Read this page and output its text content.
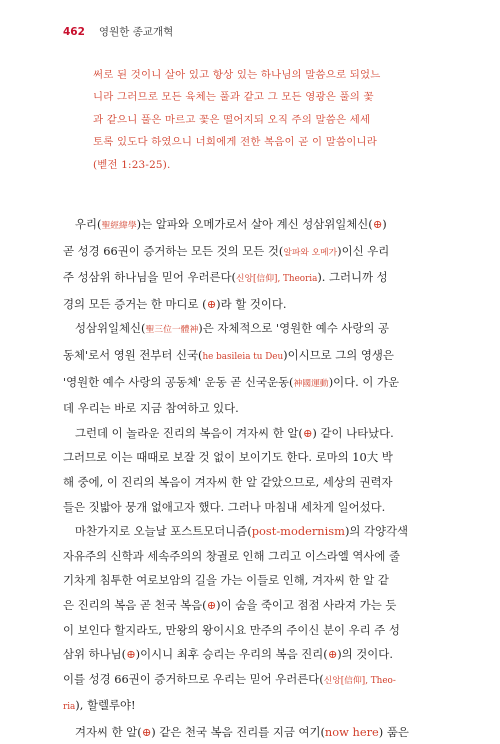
462 영원한 종교개혁
써로 된 것이니 살아 있고 항상 있는 하나님의 말씀으로 되었느
니라 그러므로 모든 육체는 풀과 같고 그 모든 영광은 풀의 꽃
과 같으니 풀은 마르고 꽃은 떨어지되 오직 주의 말씀은 세세
토록 있도다 하였으니 너희에게 전한 복음이 곧 이 말씀이니라
(벧전 1:23-25).
우리(聖經緯學)는 알파와 오메가로서 살아 계신 성삼위일체신(⊕)
곧 성경 66권이 증거하는 모든 것의 모든 것(알파와 오메가)이신 우리
주 성삼위 하나님을 믿어 우러른다(신앙[信仰], Theoria). 그러니까 성
경의 모든 증거는 한 마디로 (⊕)라 할 것이다.
성삼위일체신(聖三位一體神)은 자체적으로 '영원한 예수 사랑의 공
동체'로서 영원 전부터 신국(he basileia tu Deu)이시므로 그의 영생은
'영원한 예수 사랑의 공동체' 운동 곧 신국운동(神國運動)이다. 이 가운
데 우리는 바로 지금 참여하고 있다.
그런데 이 놀라운 진리의 복음이 겨자씨 한 알(⊕) 같이 나타났다.
그러므로 이는 때때로 보잘 것 없이 보이기도 한다. 로마의 10大 박
해 중에, 이 진리의 복음이 겨자씨 한 알 같았으므로, 세상의 권력자
들은 짓밟아 뭉개 없애고자 했다. 그러나 마침내 세차게 일어섰다.
마찬가지로 오늘날 포스트모더니즘(post-modernism)의 각양각색
자유주의 신학과 세속주의의 창궐로 인해 그리고 이스라엘 역사에 줄
기차게 침투한 여로보암의 길을 가는 이들로 인해, 겨자씨 한 알 같
은 진리의 복음 곧 천국 복음(⊕)이 숨을 죽이고 점점 사라져 가는 듯
이 보인다 할지라도, 만왕의 왕이시요 만주의 주이신 분이 우리 주 성
삼위 하나님(⊕)이시니 최후 승리는 우리의 복음 진리(⊕)의 것이다.
이를 성경 66권이 증거하므로 우리는 믿어 우러른다(신앙[信仰], Theo-
ria), 할렐루야!
겨자씨 한 알(⊕) 같은 천국 복음 진리를 지금 여기(now here) 품은
